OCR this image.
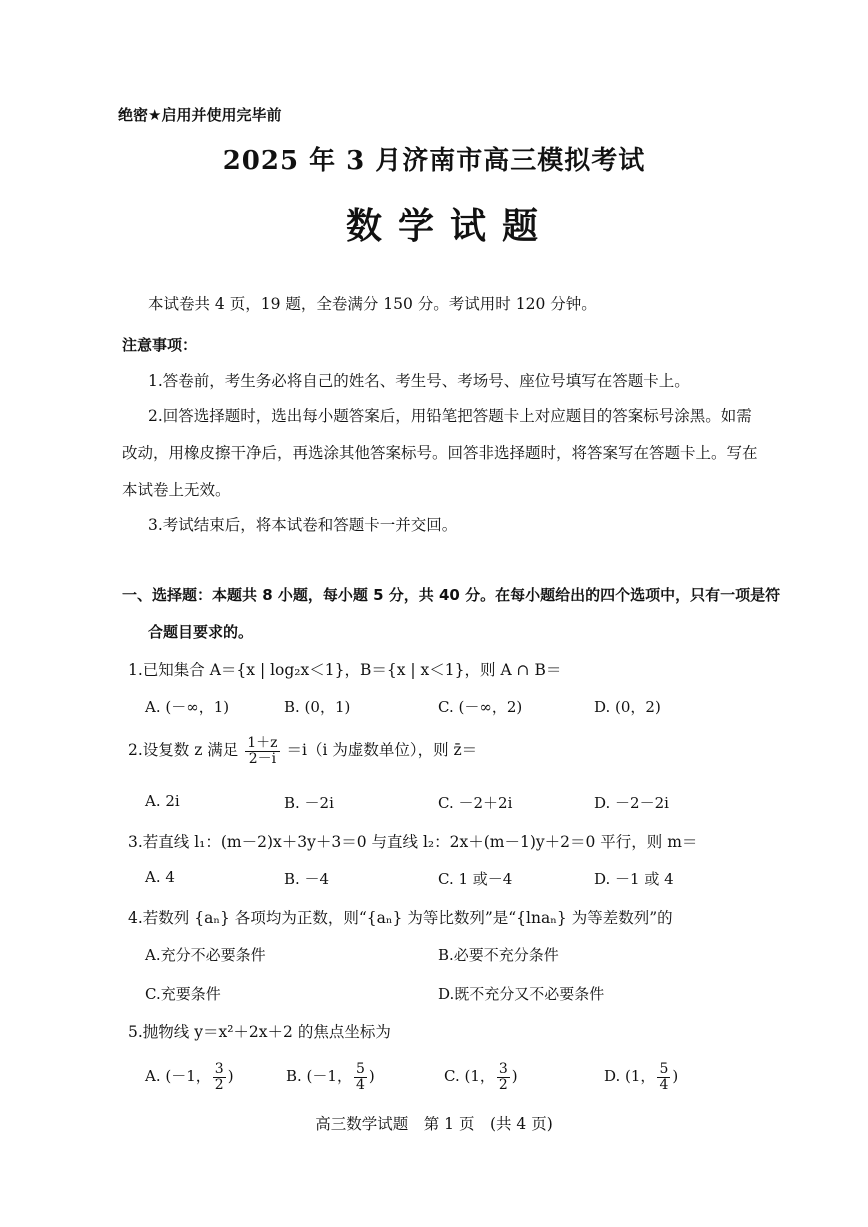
绝密★启用并使用完毕前
2025 年 3 月济南市高三模拟考试
数学试题
本试卷共 4 页，19 题，全卷满分 150 分。考试用时 120 分钟。
注意事项：
1.答卷前，考生务必将自己的姓名、考生号、考场号、座位号填写在答题卡上。
2.回答选择题时，选出每小题答案后，用铅笔把答题卡上对应题目的答案标号涂黑。如需
改动，用橡皮擦干净后，再选涂其他答案标号。回答非选择题时，将答案写在答题卡上。写在
本试卷上无效。
3.考试结束后，将本试卷和答题卡一并交回。
一、选择题：本题共 8 小题，每小题 5 分，共 40 分。在每小题给出的四个选项中，只有一项是符
合题目要求的。
1.已知集合 A＝{x | log₂x＜1}，B＝{x | x＜1}，则 A ∩ B＝
A. (－∞，1)	B. (0，1)	C. (－∞，2)	D. (0，2)
2.设复数 z 满足 $\frac{1+z}{2-i} =i(i$ 为虚数单位），则 z̄＝
A. 2i	B. －2i	C. －2＋2i	D. －2－2i
3.若直线 l₁：(m－2)x＋3y＋3＝0 与直线 l₂：2x＋(m－1)y＋2＝0 平行，则 m＝
A. 4	B. －4	C. 1 或－4	D. －1 或 4
4.若数列 {aₙ} 各项均为正数，则“{aₙ} 为等比数列”是“{lnaₙ} 为等差数列”的
A.充分不必要条件	B.必要不充分条件
C.充要条件	D.既不充分又不必要条件
5.抛物线 y＝x²＋2x＋2 的焦点坐标为
A. (－1， $\frac{3}{2}$ )	B. (－1， $\frac{5}{4}$ )	C. (1， $\frac{3}{2}$ )	D. (1， $\frac{5}{4}$ )
高三数学试题　第 1 页　(共 4 页)
